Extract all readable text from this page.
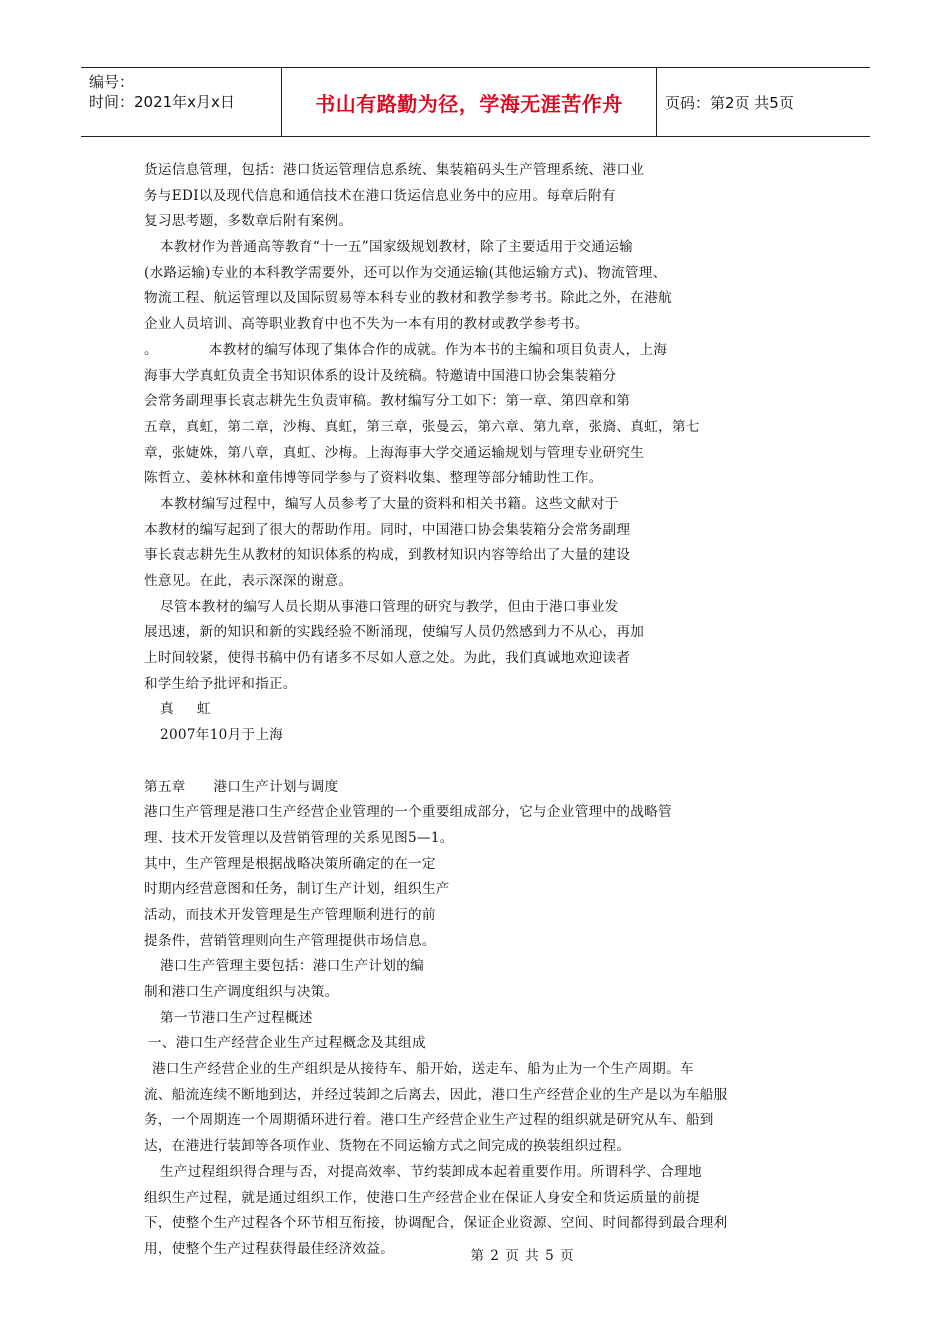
编号：
时间：2021年x月x日	书山有路勤为径，学海无涯苦作舟	页码：第2页 共5页
货运信息管理，包括：港口货运管理信息系统、集装箱码头生产管理系统、港口业
务与EDI以及现代信息和通信技术在港口货运信息业务中的应用。每章后附有
复习思考题，多数章后附有案例。
本教材作为普通高等教育“十一五”国家级规划教材，除了主要适用于交通运输
(水路运输)专业的本科教学需要外，还可以作为交通运输(其他运输方式)、物流管理、
物流工程、航运管理以及国际贸易等本科专业的教材和教学参考书。除此之外，在港航
企业人员培训、高等职业教育中也不失为一本有用的教材或教学参考书。
。           本教材的编写体现了集体合作的成就。作为本书的主编和项目负责人，上海
海事大学真虹负责全书知识体系的设计及统稿。特邀请中国港口协会集装箱分
会常务副理事长袁志耕先生负责审稿。教材编写分工如下：第一章、第四章和第
五章，真虹，第二章，沙梅、真虹，第三章，张曼云，第六章、第九章，张旖、真虹，第七
章，张婕姝，第八章，真虹、沙梅。上海海事大学交通运输规划与管理专业研究生
陈哲立、姜林林和童伟博等同学参与了资料收集、整理等部分辅助性工作。
本教材编写过程中，编写人员参考了大量的资料和相关书籍。这些文献对于
本教材的编写起到了很大的帮助作用。同时，中国港口协会集装箱分会常务副理
事长袁志耕先生从教材的知识体系的构成，到教材知识内容等给出了大量的建设
性意见。在此，表示深深的谢意。
尽管本教材的编写人员长期从事港口管理的研究与教学，但由于港口事业发
展迅速，新的知识和新的实践经验不断涌现，使编写人员仍然感到力不从心，再加
上时间较紧，使得书稿中仍有诸多不尽如人意之处。为此，我们真诚地欢迎读者
和学生给予批评和指正。
真     虹
2007年10月于上海
第五章      港口生产计划与调度
港口生产管理是港口生产经营企业管理的一个重要组成部分，它与企业管理中的战略管
理、技术开发管理以及营销管理的关系见图5—1。
其中，生产管理是根据战略决策所确定的在一定
时期内经营意图和任务，制订生产计划，组织生产
活动，而技术开发管理是生产管理顺利进行的前
提条件，营销管理则向生产管理提供市场信息。
港口生产管理主要包括：港口生产计划的编
制和港口生产调度组织与决策。
第一节港口生产过程概述
一、港口生产经营企业生产过程概念及其组成
港口生产经营企业的生产组织是从接待车、船开始，送走车、船为止为一个生产周期。车
流、船流连续不断地到达，并经过装卸之后离去，因此，港口生产经营企业的生产是以为车船服
务，一个周期连一个周期循环进行着。港口生产经营企业生产过程的组织就是研究从车、船到
达，在港进行装卸等各项作业、货物在不同运输方式之间完成的换装组织过程。
生产过程组织得合理与否，对提高效率、节约装卸成本起着重要作用。所谓科学、合理地
组织生产过程，就是通过组织工作，使港口生产经营企业在保证人身安全和货运质量的前提
下，使整个生产过程各个环节相互衔接，协调配合，保证企业资源、空间、时间都得到最合理利
用，使整个生产过程获得最佳经济效益。	第 2 页 共 5 页
